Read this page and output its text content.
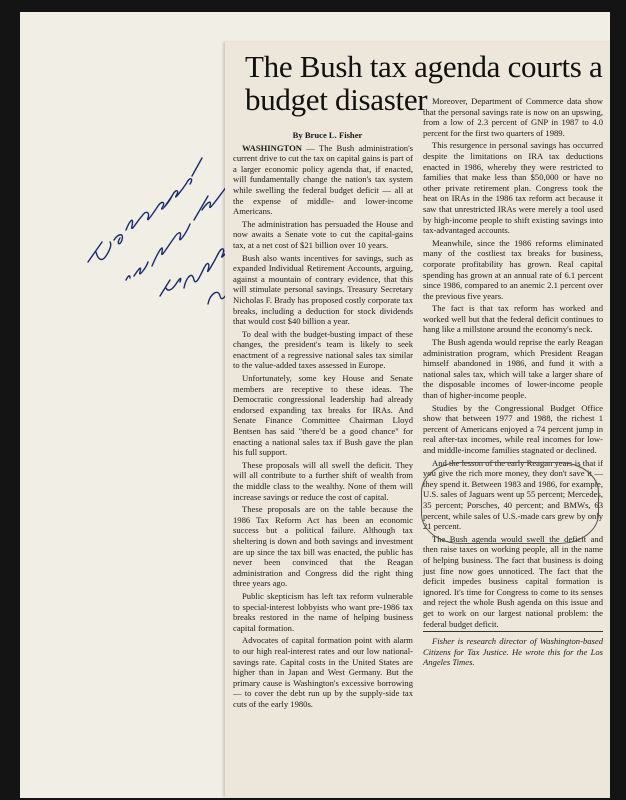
The Bush tax agenda courts a budget disaster

By Bruce L. Fisher

WASHINGTON — The Bush administration's current drive to cut the tax on capital gains is part of a larger economic policy agenda that, if enacted, will fundamentally change the nation's tax system while swelling the federal budget deficit — all at the expense of middle- and lower-income Americans.

The administration has persuaded the House and now awaits a Senate vote to cut the capital-gains tax, at a net cost of $21 billion over 10 years.

Bush also wants incentives for savings, such as expanded Individual Retirement Accounts, arguing, against a mountain of contrary evidence, that this will stimulate personal savings. Treasury Secretary Nicholas F. Brady has proposed costly corporate tax breaks, including a deduction for stock dividends that would cost $40 billion a year.

To deal with the budget-busting impact of these changes, the president's team is likely to seek enactment of a regressive national sales tax similar to the value-added taxes assessed in Europe.

Unfortunately, some key House and Senate members are receptive to these ideas. The Democratic congressional leadership had already endorsed expanding tax breaks for IRAs. And Senate Finance Committee Chairman Lloyd Bentsen has said "there'd be a good chance" for enacting a national sales tax if Bush gave the plan his full support.

These proposals will all swell the deficit. They will all contribute to a further shift of wealth from the middle class to the wealthy. None of them will increase savings or reduce the cost of capital.

These proposals are on the table because the 1986 Tax Reform Act has been an economic success but a political failure. Although tax sheltering is down and both savings and investment are up since the tax bill was enacted, the public has never been convinced that the Reagan administration and Congress did the right thing three years ago.

Public skepticism has left tax reform vulnerable to special-interest lobbyists who want pre-1986 tax breaks restored in the name of helping business capital formation.

Advocates of capital formation point with alarm to our high real-interest rates and our low national-savings rate. Capital costs in the United States are higher than in Japan and West Germany. But the primary cause is Washington's excessive borrowing — to cover the debt run up by the supply-side tax cuts of the early 1980s.

Moreover, Department of Commerce data show that the personal savings rate is now on an upswing, from a low of 2.3 percent of GNP in 1987 to 4.0 percent for the first two quarters of 1989.

This resurgence in personal savings has occurred despite the limitations on IRA tax deductions enacted in 1986, whereby they were restricted to families that make less than $50,000 or have no other private retirement plan. Congress took the heat on IRAs in the 1986 tax reform act because it saw that unrestricted IRAs were merely a tool used by high-income people to shift existing savings into tax-advantaged accounts.

Meanwhile, since the 1986 reforms eliminated many of the costliest tax breaks for business, corporate profitability has grown. Real capital spending has grown at an annual rate of 6.1 percent since 1986, compared to an anemic 2.1 percent over the previous five years.

The fact is that tax reform has worked and worked well but that the federal deficit continues to hang like a millstone around the economy's neck.

The Bush agenda would reprise the early Reagan administration program, which President Reagan himself abandoned in 1986, and fund it with a national sales tax, which will take a larger share of the disposable incomes of lower-income people than of higher-income people.

Studies by the Congressional Budget Office show that between 1977 and 1988, the richest 1 percent of Americans enjoyed a 74 percent jump in real after-tax incomes, while real incomes for low- and middle-income families stagnated or declined.

And the lesson of the early Reagan years is that if you give the rich more money, they don't save it — they spend it. Between 1983 and 1986, for example, U.S. sales of Jaguars went up 55 percent; Mercedes, 35 percent; Porsches, 40 percent; and BMWs, 63 percent, while sales of U.S.-made cars grew by only 21 percent.

The Bush agenda would swell the deficit and then raise taxes on working people, all in the name of helping business. The fact that business is doing just fine now goes unnoticed. The fact that the deficit impedes business capital formation is ignored. It's time for Congress to come to its senses and reject the whole Bush agenda on this issue and get to work on our largest national problem: the federal budget deficit.

Fisher is research director of Washington-based Citizens for Tax Justice. He wrote this for the Los Angeles Times.
